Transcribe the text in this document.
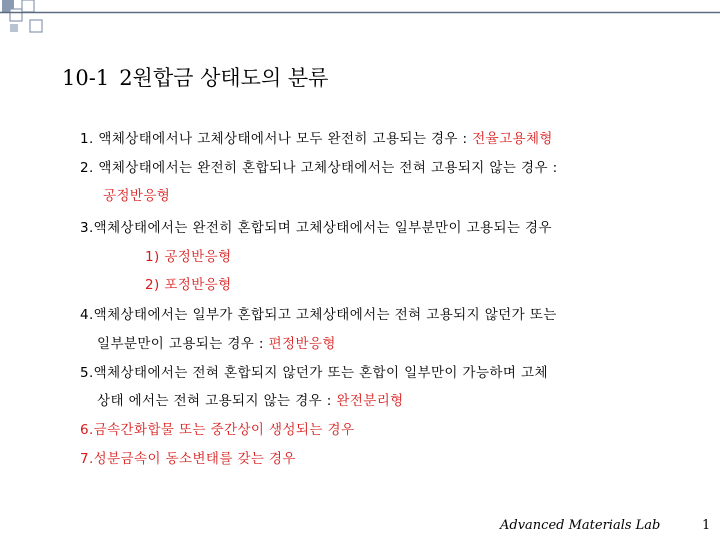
10-1 2원합금 상태도의 분류
1. 액체상태에서나 고체상태에서나 모두 완전히 고용되는 경우 : 전율고용체형
2. 액체상태에서는 완전히 혼합되나 고체상태에서는 전혀 고용되지 않는 경우 :
공정반응형
3.액체상태에서는 완전히 혼합되며 고체상태에서는 일부분만이 고용되는 경우
1) 공정반응형
2) 포정반응형
4.액체상태에서는 일부가 혼합되고 고체상태에서는 전혀 고용되지 않던가 또는
일부분만이 고용되는 경우 : 편정반응형
5.액체상태에서는 전혀 혼합되지 않던가 또는 혼합이 일부만이 가능하며 고체
상태 에서는 전혀 고용되지 않는 경우 : 완전분리형
6.금속간화합물 또는 중간상이 생성되는 경우
7.성분금속이 동소변태를 갖는 경우
Advanced Materials Lab	1
